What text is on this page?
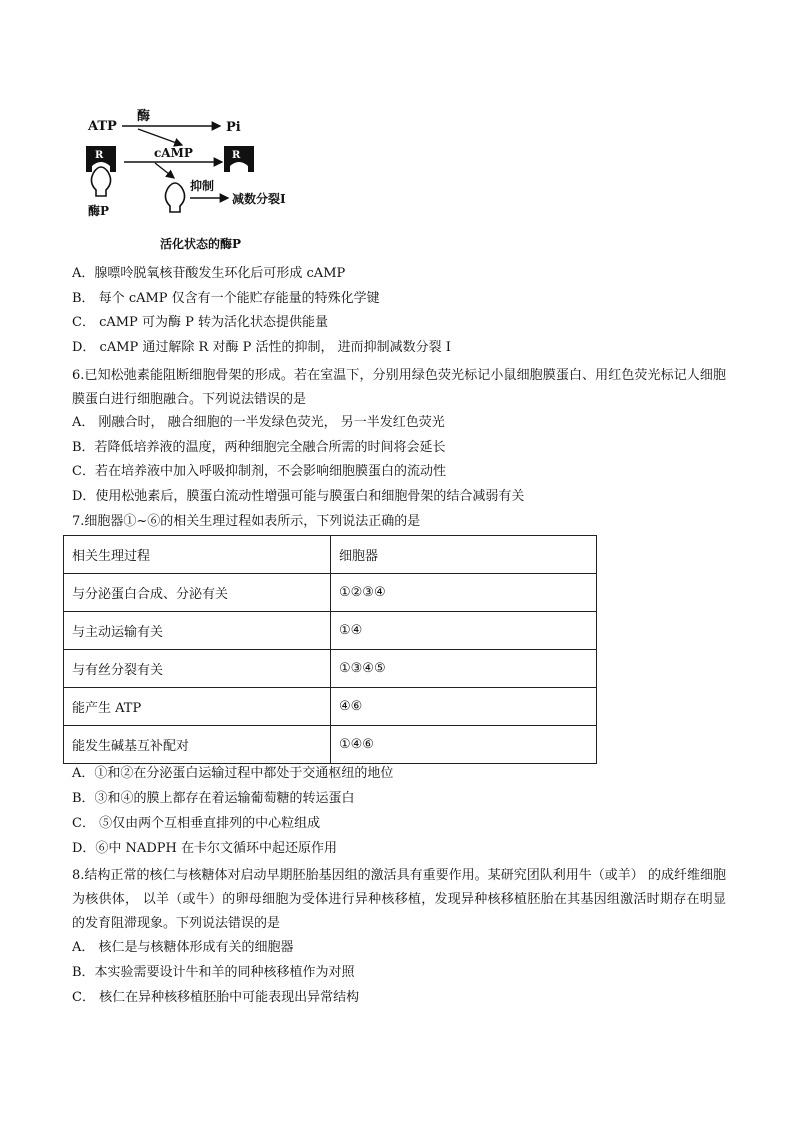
ATP
酶
Pi
cAMP
R
酶P
R
抑制
减数分裂I
活化状态的酶P
A．腺嘌呤脱氧核苷酸发生环化后可形成 cAMP
B． 每个 cAMP 仅含有一个能贮存能量的特殊化学键
C． cAMP 可为酶 P 转为活化状态提供能量
D． cAMP 通过解除 R 对酶 P 活性的抑制， 进而抑制减数分裂 I
6.已知松弛素能阻断细胞骨架的形成。若在室温下，分别用绿色荧光标记小鼠细胞膜蛋白、用红色荧光标记人细胞膜蛋白进行细胞融合。下列说法错误的是
A． 刚融合时， 融合细胞的一半发绿色荧光， 另一半发红色荧光
B．若降低培养液的温度，两种细胞完全融合所需的时间将会延长
C．若在培养液中加入呼吸抑制剂，不会影响细胞膜蛋白的流动性
D．使用松弛素后，膜蛋白流动性增强可能与膜蛋白和细胞骨架的结合减弱有关
7.细胞器①~⑥的相关生理过程如表所示，下列说法正确的是
相关生理过程	细胞器
与分泌蛋白合成、分泌有关	①②③④
与主动运输有关	①④
与有丝分裂有关	①③④⑤
能产生 ATP	④⑥
能发生碱基互补配对	①④⑥
A．①和②在分泌蛋白运输过程中都处于交通枢纽的地位
B．③和④的膜上都存在着运输葡萄糖的转运蛋白
C． ⑤仅由两个互相垂直排列的中心粒组成
D．⑥中 NADPH 在卡尔文循环中起还原作用
8.结构正常的核仁与核糖体对启动早期胚胎基因组的激活具有重要作用。某研究团队利用牛（或羊） 的成纤维细胞为核供体， 以羊（或牛）的卵母细胞为受体进行异种核移植，发现异种核移植胚胎在其基因组激活时期存在明显的发育阻滞现象。下列说法错误的是
A． 核仁是与核糖体形成有关的细胞器
B．本实验需要设计牛和羊的同种核移植作为对照
C． 核仁在异种核移植胚胎中可能表现出异常结构
